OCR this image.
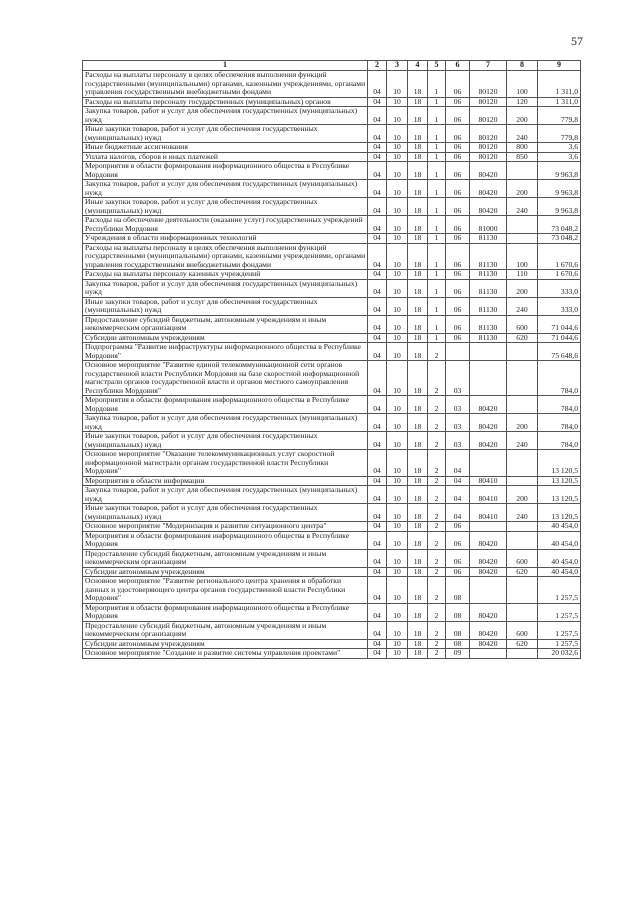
57
1	2	3	4	5	6	7	8	9
Расходы на выплаты персоналу в целях обеспечения выполнения функций государственными (муниципальными) органами, казенными учреждениями, органами управления государственными внебюджетными фондами	04	10	18	1	06	80120	100	1 311,0
Расходы на выплаты персоналу государственных (муниципальных) органов	04	10	18	1	06	80120	120	1 311,0
Закупка товаров, работ и услуг для обеспечения государственных (муниципальных) нужд	04	10	18	1	06	80120	200	779,8
Иные закупки товаров, работ и услуг для обеспечения государственных (муниципальных) нужд	04	10	18	1	06	80120	240	779,8
Иные бюджетные ассигнования	04	10	18	1	06	80120	800	3,6
Уплата налогов, сборов и иных платежей	04	10	18	1	06	80120	850	3,6
Мероприятия в области формирования информационного общества в Республике Мордовия	04	10	18	1	06	80420		9 963,8
Закупка товаров, работ и услуг для обеспечения государственных (муниципальных) нужд	04	10	18	1	06	80420	200	9 963,8
Иные закупки товаров, работ и услуг для обеспечения государственных (муниципальных) нужд	04	10	18	1	06	80420	240	9 963,8
Расходы на обеспечение деятельности (оказание услуг) государственных учреждений Республики Мордовия	04	10	18	1	06	81000		73 048,2
Учреждения в области информационных технологий	04	10	18	1	06	81130		73 048,2
Расходы на выплаты персоналу в целях обеспечения выполнения функций государственными (муниципальными) органами, казенными учреждениями, органами управления государственными внебюджетными фондами	04	10	18	1	06	81130	100	1 670,6
Расходы на выплаты персоналу казенных учреждений	04	10	18	1	06	81130	110	1 670,6
Закупка товаров, работ и услуг для обеспечения государственных (муниципальных) нужд	04	10	18	1	06	81130	200	333,0
Иные закупки товаров, работ и услуг для обеспечения государственных (муниципальных) нужд	04	10	18	1	06	81130	240	333,0
Предоставление субсидий бюджетным, автономным учреждениям и иным некоммерческим организациям	04	10	18	1	06	81130	600	71 044,6
Субсидии автономным учреждениям	04	10	18	1	06	81130	620	71 044,6
Подпрограмма "Развитие инфраструктуры информационного общества в Республике Мордовия"	04	10	18	2				75 648,6
Основное мероприятие "Развитие единой телекоммуникационной сети органов государственной власти Республики Мордовия на базе скоростной информационной магистрали органов государственной власти и органов местного самоуправления Республики Мордовия"	04	10	18	2	03			784,0
Мероприятия в области формирования информационного общества в Республике Мордовия	04	10	18	2	03	80420		784,0
Закупка товаров, работ и услуг для обеспечения государственных (муниципальных) нужд	04	10	18	2	03	80420	200	784,0
Иные закупки товаров, работ и услуг для обеспечения государственных (муниципальных) нужд	04	10	18	2	03	80420	240	784,0
Основное мероприятие "Оказание телекоммуникационных услуг скоростной информационной магистрали органам государственной власти Республики Мордовия"	04	10	18	2	04			13 120,5
Мероприятия в области информации	04	10	18	2	04	80410		13 120,5
Закупка товаров, работ и услуг для обеспечения государственных (муниципальных) нужд	04	10	18	2	04	80410	200	13 120,5
Иные закупки товаров, работ и услуг для обеспечения государственных (муниципальных) нужд	04	10	18	2	04	80410	240	13 120,5
Основное мероприятие "Модернизация и развитие ситуационного центра"	04	10	18	2	06			40 454,0
Мероприятия в области формирования информационного общества в Республике Мордовия	04	10	18	2	06	80420		40 454,0
Предоставление субсидий бюджетным, автономным учреждениям и иным некоммерческим организациям	04	10	18	2	06	80420	600	40 454,0
Субсидии автономным учреждениям	04	10	18	2	06	80420	620	40 454,0
Основное мероприятие "Развитие регионального центра хранения и обработки данных и удостоверяющего центра органов государственной власти Республики Мордовия"	04	10	18	2	08			1 257,5
Мероприятия в области формирования информационного общества в Республике Мордовия	04	10	18	2	08	80420		1 257,5
Предоставление субсидий бюджетным, автономным учреждениям и иным некоммерческим организациям	04	10	18	2	08	80420	600	1 257,5
Субсидии автономным учреждениям	04	10	18	2	08	80420	620	1 257,5
Основное мероприятие "Создание и развитие системы управления проектами"	04	10	18	2	09			20 032,6
